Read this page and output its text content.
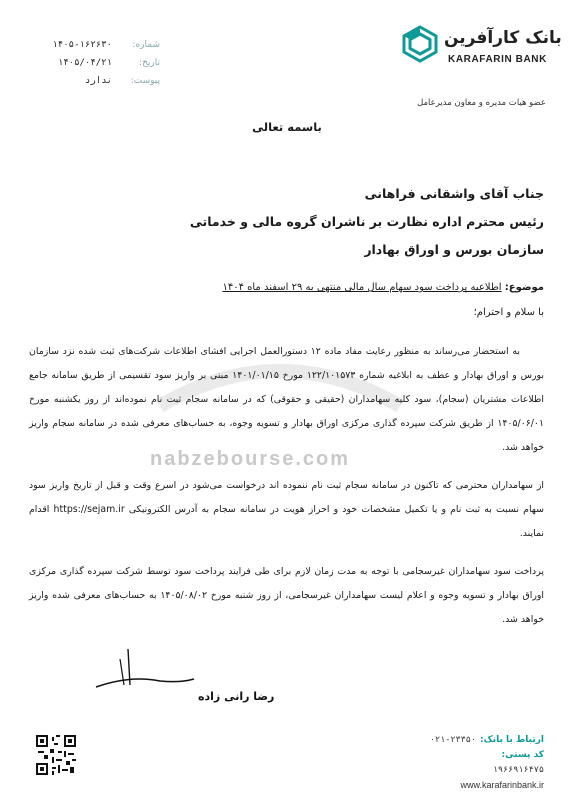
بانک کارآفرین
KARAFARIN BANK
عضو هیات مدیره و معاون مدیرعامل
شماره:
۱۴۰۵-۱۶۲۶۳۰
تاریخ:
۱۴۰۵/۰۴/۲۱
پیوست:
ندارد
باسمه تعالی
جناب آقای واشقانی فراهانی
رئیس محترم اداره نظارت بر ناشران گروه مالی و خدماتی
سازمان بورس و اوراق بهادار
موضوع: اطلاعیه پرداخت سود سهام سال مالی منتهی به ۲۹ اسفند ماه ۱۴۰۴
با سلام و احترام؛
nabzebourse.com

به استحضار می‌رساند به منظور رعایت مفاد ماده ۱۲ دستورالعمل اجرایی افشای اطلاعات شرکت‌های ثبت شده نزد سازمان بورس و اوراق بهادار و عطف به ابلاغیه شماره ۱۲۲/۱۰۱۵۷۳ مورخ ۱۴۰۱/۰۱/۱۵ مبنی بر واریز سود تقسیمی از طریق سامانه جامع اطلاعات مشتریان (سجام)، سود کلیه سهامداران (حقیقی و حقوقی) که در سامانه سجام ثبت نام نموده‌اند از روز یکشنبه مورخ ۱۴۰۵/۰۶/۰۱ از طریق شرکت سپرده گذاری مرکزی اوراق بهادار و تسویه وجوه، به حساب‌های معرفی شده در سامانه سجام واریز خواهد شد.

از سهامداران محترمی که تاکنون در سامانه سجام ثبت نام ننموده اند درخواست می‌شود در اسرع وقت و قبل از تاریخ واریز سود سهام نسبت به ثبت نام و یا تکمیل مشخصات خود و احراز هویت در سامانه سجام به آدرس الکترونیکی https://sejam.ir اقدام نمایند.

پرداخت سود سهامداران غیرسجامی با توجه به مدت زمان لازم برای طی فرایند پرداخت سود توسط شرکت سپرده گذاری مرکزی اوراق بهادار و تسویه وجوه و اعلام لیست سهامداران غیرسجامی، از روز شنبه مورخ ۱۴۰۵/۰۸/۰۲ به حساب‌های معرفی شده واریز خواهد شد.

رضا رانی زاده
ارتباط با بانک:
۰۲۱-۲۳۳۵۰
کد پستی:
۱۹۶۶۹۱۶۴۷۵
www.karafarinbank.ir
